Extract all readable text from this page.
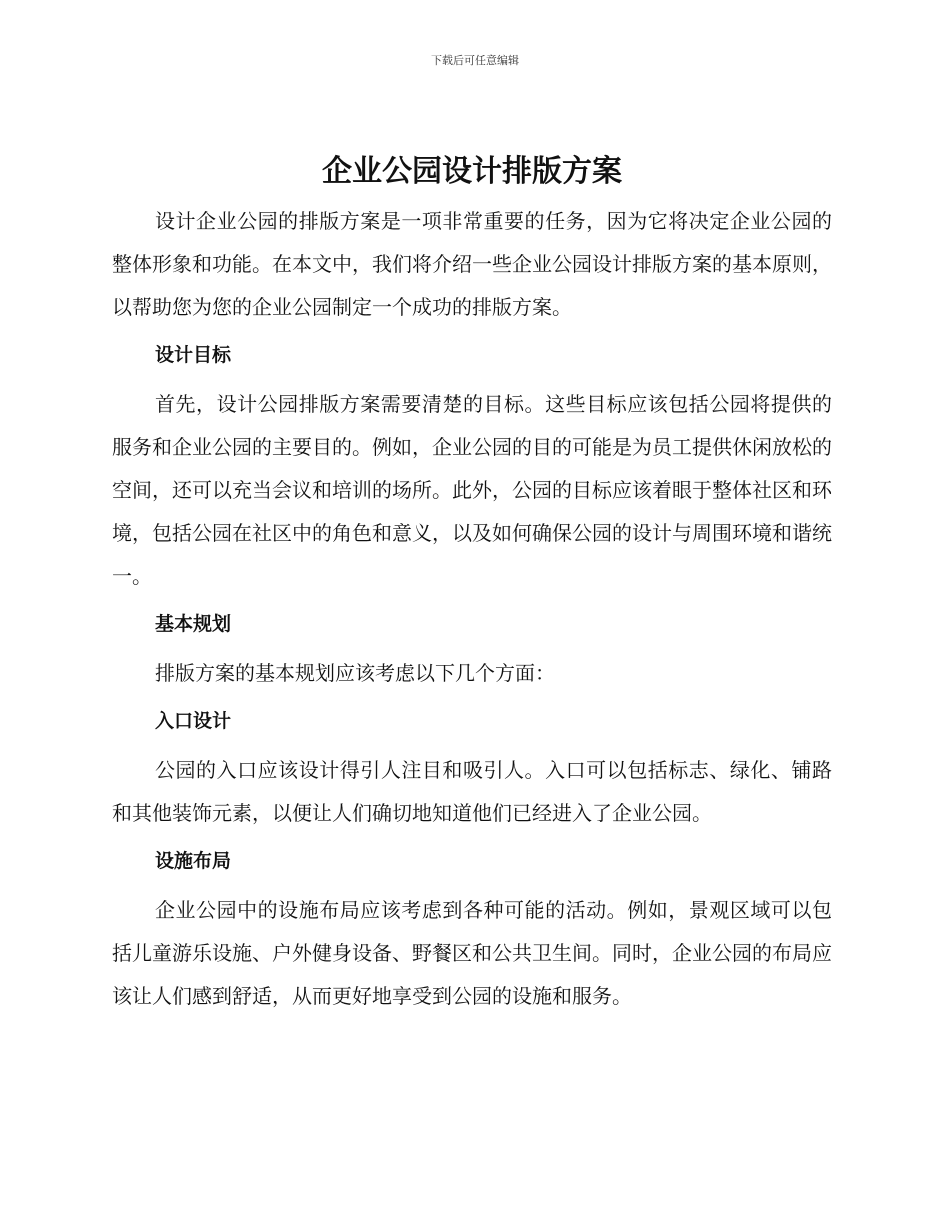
下载后可任意编辑
企业公园设计排版方案

设计企业公园的排版方案是一项非常重要的任务，因为它将决定企业公园的整体形象和功能。在本文中，我们将介绍一些企业公园设计排版方案的基本原则，以帮助您为您的企业公园制定一个成功的排版方案。

设计目标

首先，设计公园排版方案需要清楚的目标。这些目标应该包括公园将提供的服务和企业公园的主要目的。例如，企业公园的目的可能是为员工提供休闲放松的空间，还可以充当会议和培训的场所。此外，公园的目标应该着眼于整体社区和环境，包括公园在社区中的角色和意义，以及如何确保公园的设计与周围环境和谐统一。

基本规划

排版方案的基本规划应该考虑以下几个方面：

入口设计

公园的入口应该设计得引人注目和吸引人。入口可以包括标志、绿化、铺路和其他装饰元素，以便让人们确切地知道他们已经进入了企业公园。

设施布局

企业公园中的设施布局应该考虑到各种可能的活动。例如，景观区域可以包括儿童游乐设施、户外健身设备、野餐区和公共卫生间。同时，企业公园的布局应该让人们感到舒适，从而更好地享受到公园的设施和服务。
